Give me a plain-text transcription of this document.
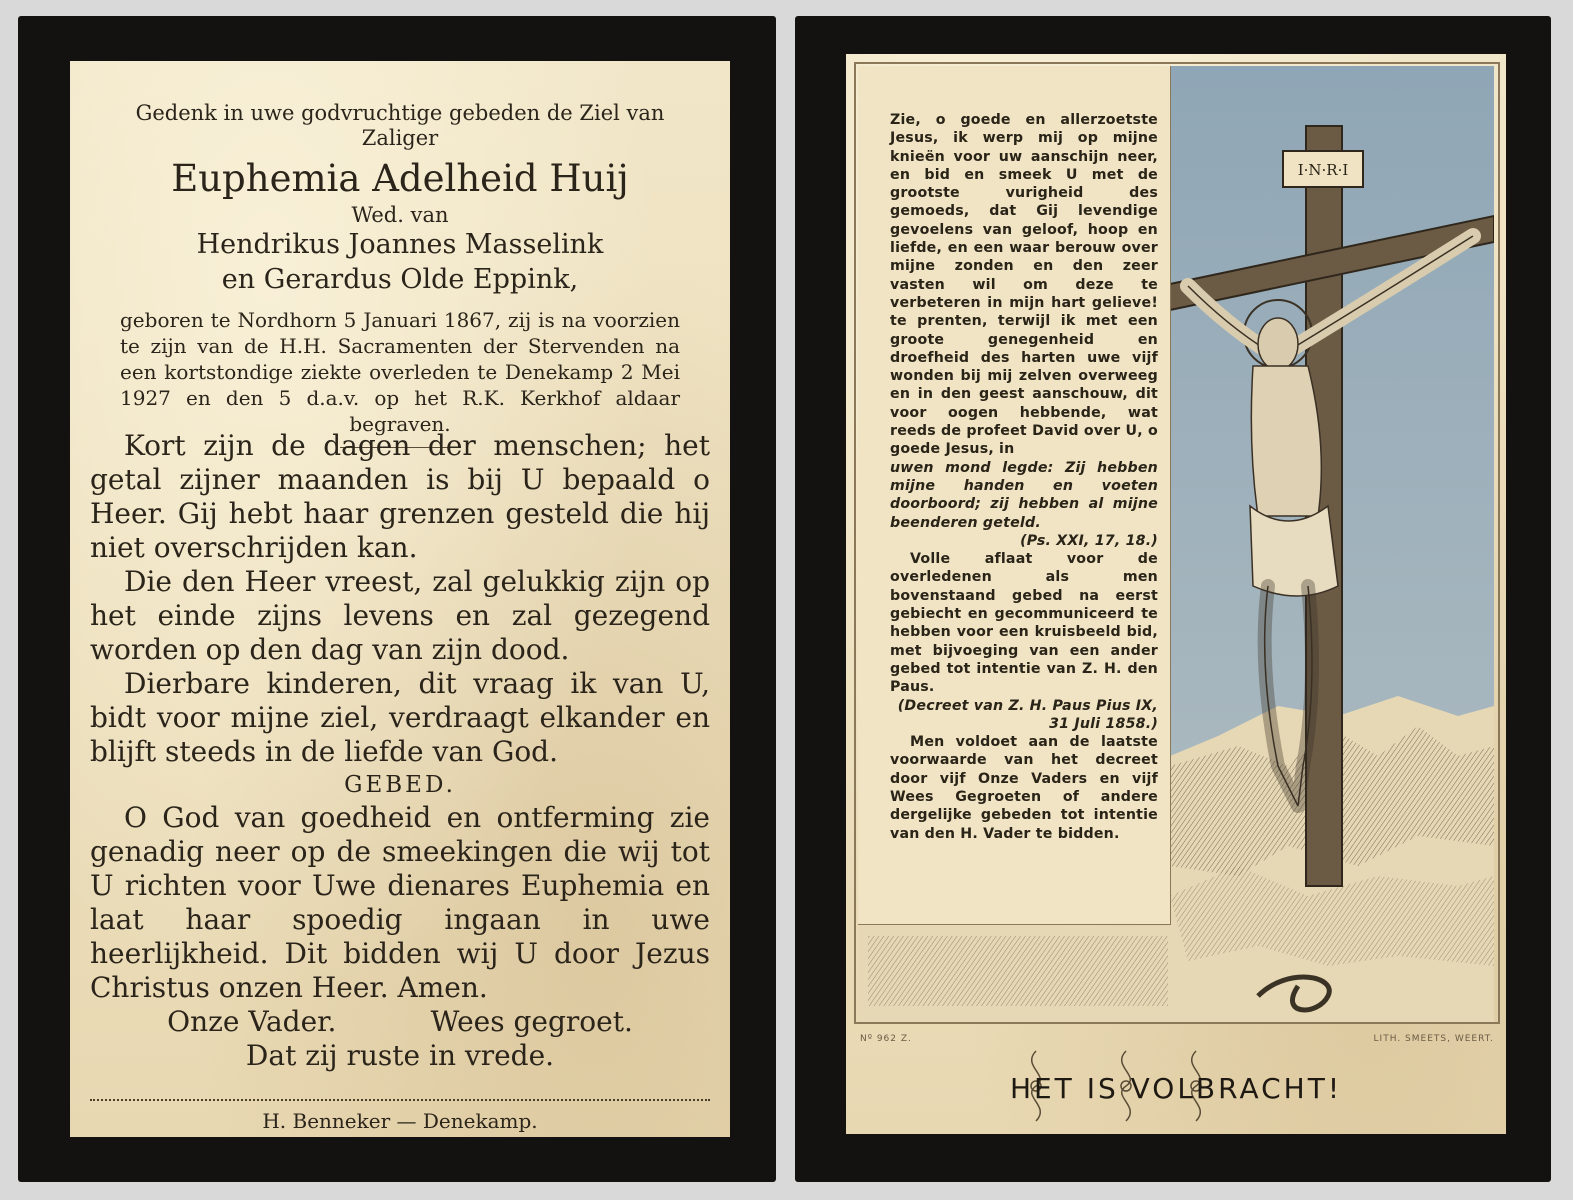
Gedenk in uwe godvruchtige gebeden de Ziel van Zaliger
Euphemia Adelheid Huij
Wed. van
Hendrikus Joannes Masselink
en Gerardus Olde Eppink,
geboren te Nordhorn 5 Januari 1867, zij is na voorzien te zijn van de H.H. Sacramenten der Stervenden na een kortstondige ziekte overleden te Denekamp 2 Mei 1927 en den 5 d.a.v. op het R.K. Kerkhof aldaar begraven.

Kort zijn de dagen der menschen; het getal zijner maanden is bij U bepaald o Heer. Gij hebt haar grenzen gesteld die hij niet overschrijden kan.

Die den Heer vreest, zal gelukkig zijn op het einde zijns levens en zal gezegend worden op den dag van zijn dood.

Dierbare kinderen, dit vraag ik van U, bidt voor mijne ziel, verdraagt elkander en blijft steeds in de liefde van God.

GEBED.

O God van goedheid en ontferming zie genadig neer op de smeekingen die wij tot U richten voor Uwe dienares Euphemia en laat haar spoedig ingaan in uwe heerlijkheid. Dit bidden wij U door Jezus Christus onzen Heer. Amen.

Onze Vader.	Wees gegroet.
Dat zij ruste in vrede.
H. Benneker — Denekamp.
I·N·R·I

Zie, o goede en allerzoetste Jesus, ik werp mij op mijne knieën voor uw aanschijn neer, en bid en smeek U met de grootste vurigheid des gemoeds, dat Gij levendige gevoelens van geloof, hoop en liefde, en een waar berouw over mijne zonden en den zeer vasten wil om deze te verbeteren in mijn hart gelieve! te prenten, terwijl ik met een groote genegenheid en droefheid des harten uwe vijf wonden bij mij zelven overweeg en in den geest aanschouw, dit voor oogen hebbende, wat reeds de profeet David over U, o goede Jesus, in

uwen mond legde: Zij hebben mijne handen en voeten doorboord; zij hebben al mijne beenderen geteld.

(Ps. XXI, 17, 18.)

Volle aflaat voor de overledenen als men bovenstaand gebed na eerst gebiecht en gecommuniceerd te hebben voor een kruisbeeld bid, met bijvoeging van een ander gebed tot intentie van Z. H. den Paus.

(Decreet van Z. H. Paus Pius IX, 31 Juli 1858.)

Men voldoet aan de laatste voorwaarde van het decreet door vijf Onze Vaders en vijf Wees Gegroeten of andere dergelijke gebeden tot intentie van den H. Vader te bidden.

Nº 962 Z.	LITH. SMEETS, WEERT.
HET IS VOLBRACHT!
